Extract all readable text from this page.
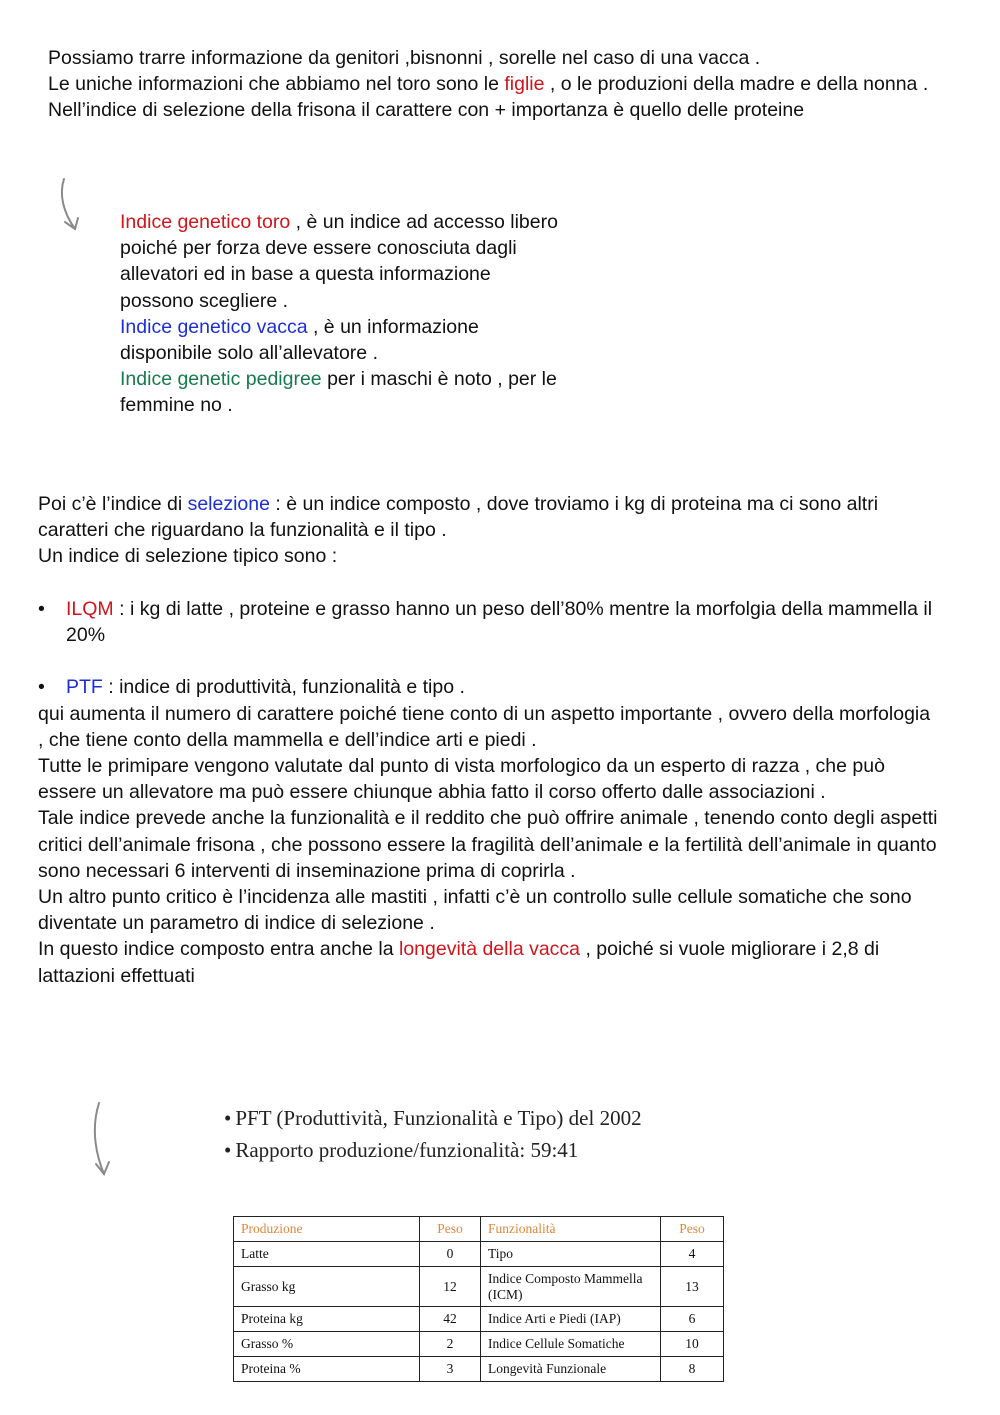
Possiamo trarre informazione da genitori ,bisnonni , sorelle nel caso di una vacca .

Le uniche informazioni che abbiamo nel toro sono le figlie , o le produzioni della madre e della nonna .

Nell’indice di selezione della frisona il carattere con + importanza è quello delle proteine

Indice genetico toro , è un indice ad accesso libero poiché per forza deve essere conosciuta dagli allevatori ed in base a questa informazione possono scegliere .

Indice genetico vacca , è un informazione disponibile solo all’allevatore .

Indice genetic pedigree per i maschi è noto , per le femmine no .

Poi c’è l’indice di selezione : è un indice composto , dove troviamo i kg di proteina ma ci sono altri caratteri che riguardano la funzionalità e il tipo .

Un indice di selezione tipico sono :

• ILQM : i kg di latte , proteine e grasso hanno un peso dell’80% mentre la morfolgia della mammella il 20%

• PTF : indice di produttività, funzionalità e tipo .

qui aumenta il numero di carattere poiché tiene conto di un aspetto importante , ovvero della morfologia , che tiene conto della mammella e dell’indice arti e piedi .

Tutte le primipare vengono valutate dal punto di vista morfologico da un esperto di razza , che può essere un allevatore ma può essere chiunque abhia fatto il corso offerto dalle associazioni .

Tale indice prevede anche la funzionalità e il reddito che può offrire animale , tenendo conto degli aspetti critici dell’animale frisona , che possono essere la fragilità dell’animale e la fertilità dell’animale in quanto sono necessari 6 interventi di inseminazione prima di coprirla .

Un altro punto critico è l’incidenza alle mastiti , infatti c’è un controllo sulle cellule somatiche che sono diventate un parametro di indice di selezione .

In questo indice composto entra anche la longevità della vacca , poiché si vuole migliorare i 2,8 di lattazioni effettuati

• PFT (Produttività, Funzionalità e Tipo) del 2002
• Rapporto produzione/funzionalità: 59:41
Produzione	Peso	Funzionalità	Peso
Latte	0	Tipo	4
Grasso kg	12	Indice Composto Mammella (ICM)	13
Proteina kg	42	Indice Arti e Piedi (IAP)	6
Grasso %	2	Indice Cellule Somatiche	10
Proteina %	3	Longevità Funzionale	8
